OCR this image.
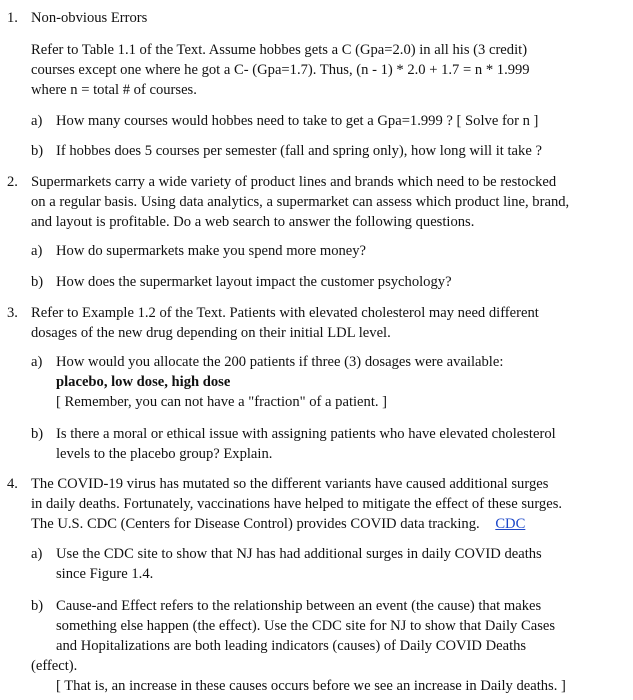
1. Non-obvious Errors
Refer to Table 1.1 of the Text. Assume hobbes gets a C (Gpa=2.0) in all his (3 credit)
courses except one where he got a C- (Gpa=1.7). Thus, (n - 1) * 2.0 + 1.7 = n * 1.999
where n = total # of courses.
a) How many courses would hobbes need to take to get a Gpa=1.999 ? [ Solve for n ]
b) If hobbes does 5 courses per semester (fall and spring only), how long will it take ?
2. Supermarkets carry a wide variety of product lines and brands which need to be restocked
on a regular basis. Using data analytics, a supermarket can assess which product line, brand,
and layout is profitable. Do a web search to answer the following questions.
a) How do supermarkets make you spend more money?
b) How does the supermarket layout impact the customer psychology?
3. Refer to Example 1.2 of the Text. Patients with elevated cholesterol may need different
dosages of the new drug depending on their initial LDL level.
a) How would you allocate the 200 patients if three (3) dosages were available:
placebo, low dose, high dose
[ Remember, you can not have a "fraction" of a patient. ]
b) Is there a moral or ethical issue with assigning patients who have elevated cholesterol
levels to the placebo group? Explain.
4. The COVID-19 virus has mutated so the different variants have caused additional surges
in daily deaths. Fortunately, vaccinations have helped to mitigate the effect of these surges.
The U.S. CDC (Centers for Disease Control) provides COVID data tracking. CDC
a) Use the CDC site to show that NJ has had additional surges in daily COVID deaths
since Figure 1.4.
b) Cause-and Effect refers to the relationship between an event (the cause) that makes
something else happen (the effect). Use the CDC site for NJ to show that Daily Cases
and Hopitalizations are both leading indicators (causes) of Daily COVID Deaths
(effect).
[ That is, an increase in these causes occurs before we see an increase in Daily deaths. ]
